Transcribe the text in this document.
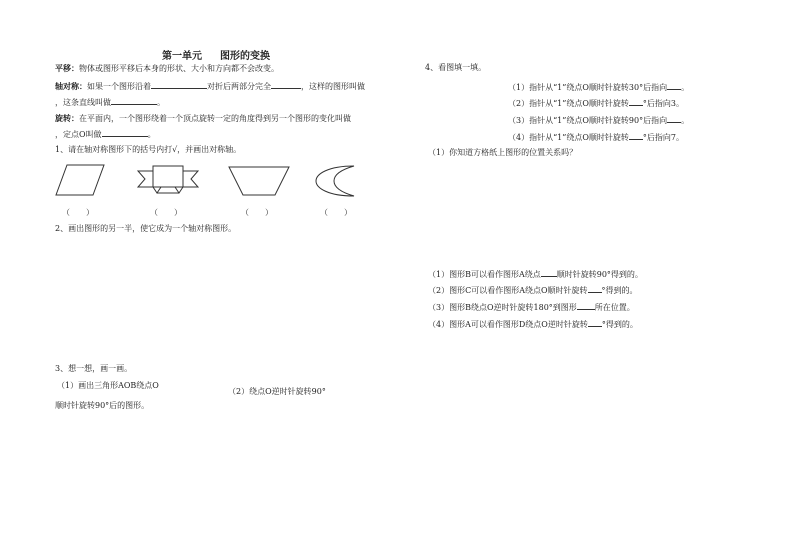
第一单元 图形的变换
平移：物体或图形平移后本身的形状、大小和方向都不会改变。
轴对称：如果一个图形沿着	对折后两部分完全	，这样的图形叫做
，这条直线叫做	。
旋转：在平面内，一个图形绕着一个顶点旋转一定的角度得到另一个图形的变化叫做
，定点O叫做	。
1、请在轴对称图形下的括号内打√，并画出对称轴。
（　　）	（　　）	（　　）	（　　）
2、画出图形的另一半，使它成为一个轴对称图形。
3、想一想，画一画。
（1）画出三角形AOB绕点O
顺时针旋转90°后的图形。
（2）绕点O逆时针旋转90°
4、看图填一填。
（1）指针从“1”绕点O顺时针旋转30°后指向 。
（2）指针从“1”绕点O顺时针旋转 °后指向3。
（3）指针从“1”绕点O顺时针旋转90°后指向 。
（4）指针从“1”绕点O顺时针旋转 °后指向7。
（1）你知道方格纸上图形的位置关系吗？
（1）图形B可以看作图形A绕点 顺时针旋转90°得到的。
（2）图形C可以看作图形A绕点O顺时针旋转 °得到的。
（3）图形B绕点O逆时针旋转180°到图形 所在位置。
（4）图形A可以看作图形D绕点O逆时针旋转 °得到的。
